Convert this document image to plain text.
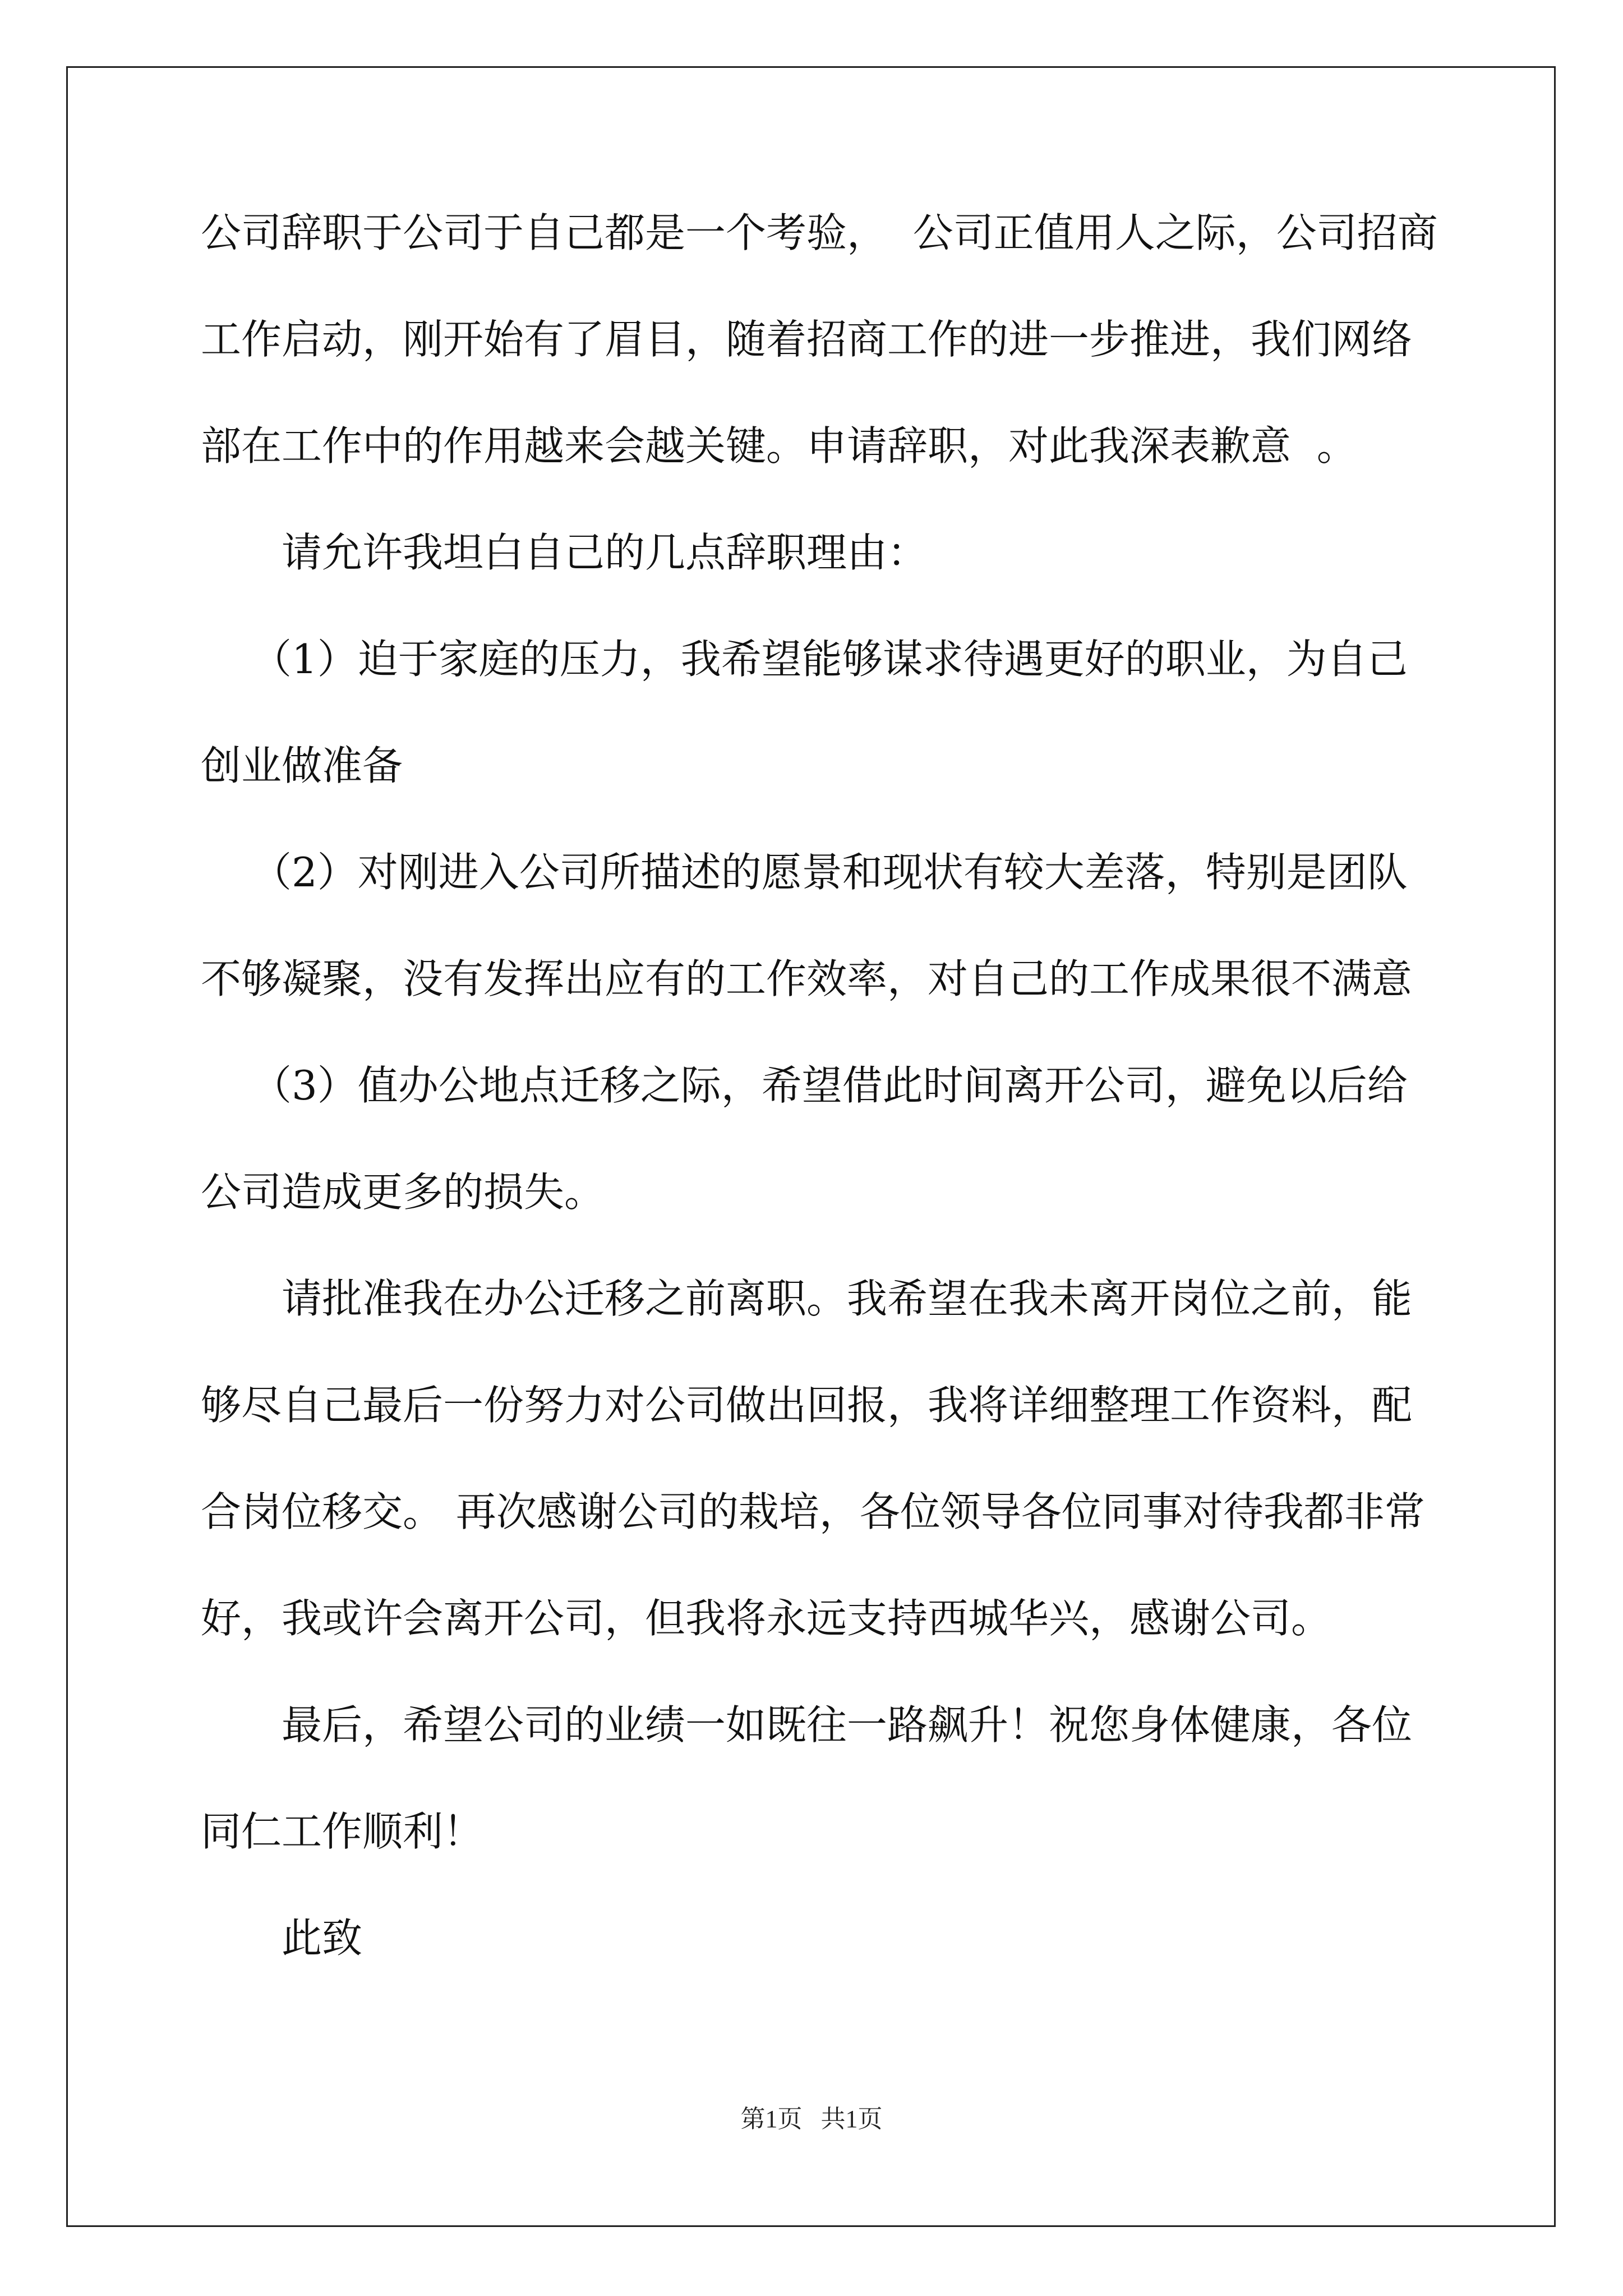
公司辞职于公司于自己都是一个考验，  公司正值用人之际，公司招商
工作启动，刚开始有了眉目，随着招商工作的进一步推进，我们网络
部在工作中的作用越来会越关键。申请辞职，对此我深表歉意  。
请允许我坦白自己的几点辞职理由：
（1）迫于家庭的压力，我希望能够谋求待遇更好的职业，为自己
创业做准备
（2）对刚进入公司所描述的愿景和现状有较大差落，特别是团队
不够凝聚，没有发挥出应有的工作效率，对自己的工作成果很不满意
（3）值办公地点迁移之际，希望借此时间离开公司，避免以后给
公司造成更多的损失。
请批准我在办公迁移之前离职。我希望在我未离开岗位之前，能
够尽自己最后一份努力对公司做出回报，我将详细整理工作资料，配
合岗位移交。 再次感谢公司的栽培，各位领导各位同事对待我都非常
好，我或许会离开公司，但我将永远支持西城华兴，感谢公司。
最后，希望公司的业绩一如既往一路飙升！祝您身体健康，各位
同仁工作顺利！
此致
第1页   共1页
